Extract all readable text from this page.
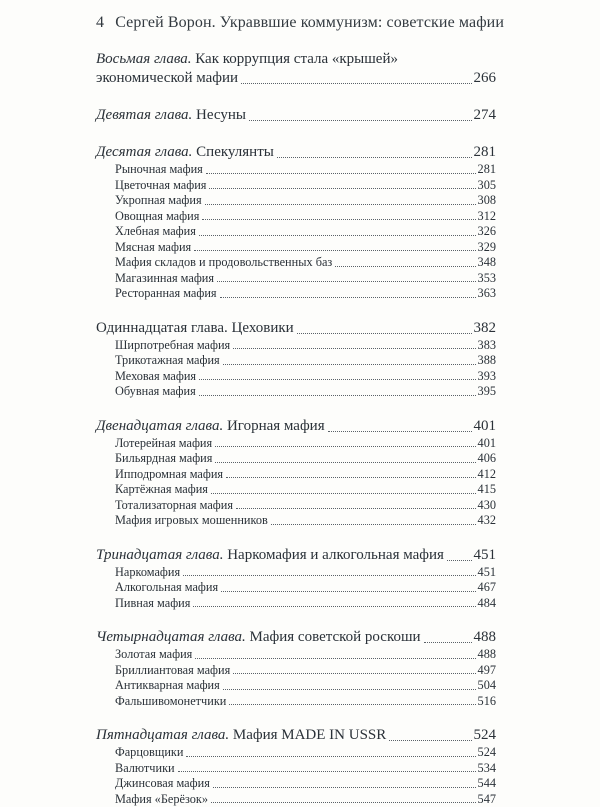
4 Сергей Ворон. Украввшие коммунизм: советские мафии
Восьмая глава. Как коррупция стала «крышей»
экономической мафии	266
Девятая глава. Несуны	274
Десятая глава. Спекулянты	281
Рыночная мафия	281
Цветочная мафия	305
Укропная мафия	308
Овощная мафия	312
Хлебная мафия	326
Мясная мафия	329
Мафия складов и продовольственных баз	348
Магазинная мафия	353
Ресторанная мафия	363
Одиннадцатая глава. Цеховики	382
Ширпотребная мафия	383
Трикотажная мафия	388
Меховая мафия	393
Обувная мафия	395
Двенадцатая глава. Игорная мафия	401
Лотерейная мафия	401
Бильярдная мафия	406
Ипподромная мафия	412
Картёжная мафия	415
Тотализаторная мафия	430
Мафия игровых мошенников	432
Тринадцатая глава. Наркомафия и алкогольная мафия 451
Наркомафия	451
Алкогольная мафия	467
Пивная мафия	484
Четырнадцатая глава. Мафия советской роскоши	488
Золотая мафия	488
Бриллиантовая мафия	497
Антикварная мафия	504
Фальшивомонетчики	516
Пятнадцатая глава. Мафия MADE IN USSR	524
Фарцовщики	524
Валютчики	534
Джинсовая мафия	544
Мафия «Берёзок»	547
